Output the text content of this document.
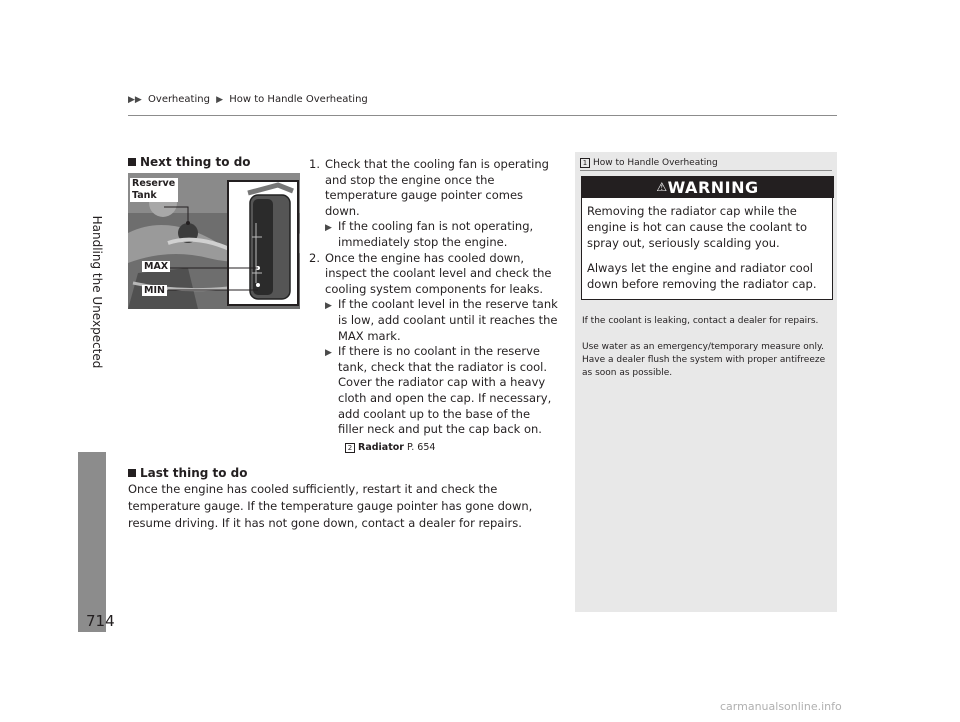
▶▶ Overheating ▶ How to Handle Overheating
Handling the Unexpected
714
Next thing to do
Reserve Tank
MAX
MIN
1. Check that the cooling fan is operating and stop the engine once the temperature gauge pointer comes down.
▶ If the cooling fan is not operating, immediately stop the engine.
2. Once the engine has cooled down, inspect the coolant level and check the cooling system components for leaks.
▶ If the coolant level in the reserve tank is low, add coolant until it reaches the MAX mark.
▶ If there is no coolant in the reserve tank, check that the radiator is cool. Cover the radiator cap with a heavy cloth and open the cap. If necessary, add coolant up to the base of the filler neck and put the cap back on.
2 Radiator P. 654
Last thing to do
Once the engine has cooled sufficiently, restart it and check the temperature gauge. If the temperature gauge pointer has gone down, resume driving. If it has not gone down, contact a dealer for repairs.
1 How to Handle Overheating
⚠WARNING
Removing the radiator cap while the engine is hot can cause the coolant to spray out, seriously scalding you.
Always let the engine and radiator cool down before removing the radiator cap.
If the coolant is leaking, contact a dealer for repairs.
Use water as an emergency/temporary measure only. Have a dealer flush the system with proper antifreeze as soon as possible.
carmanualsonline.info
